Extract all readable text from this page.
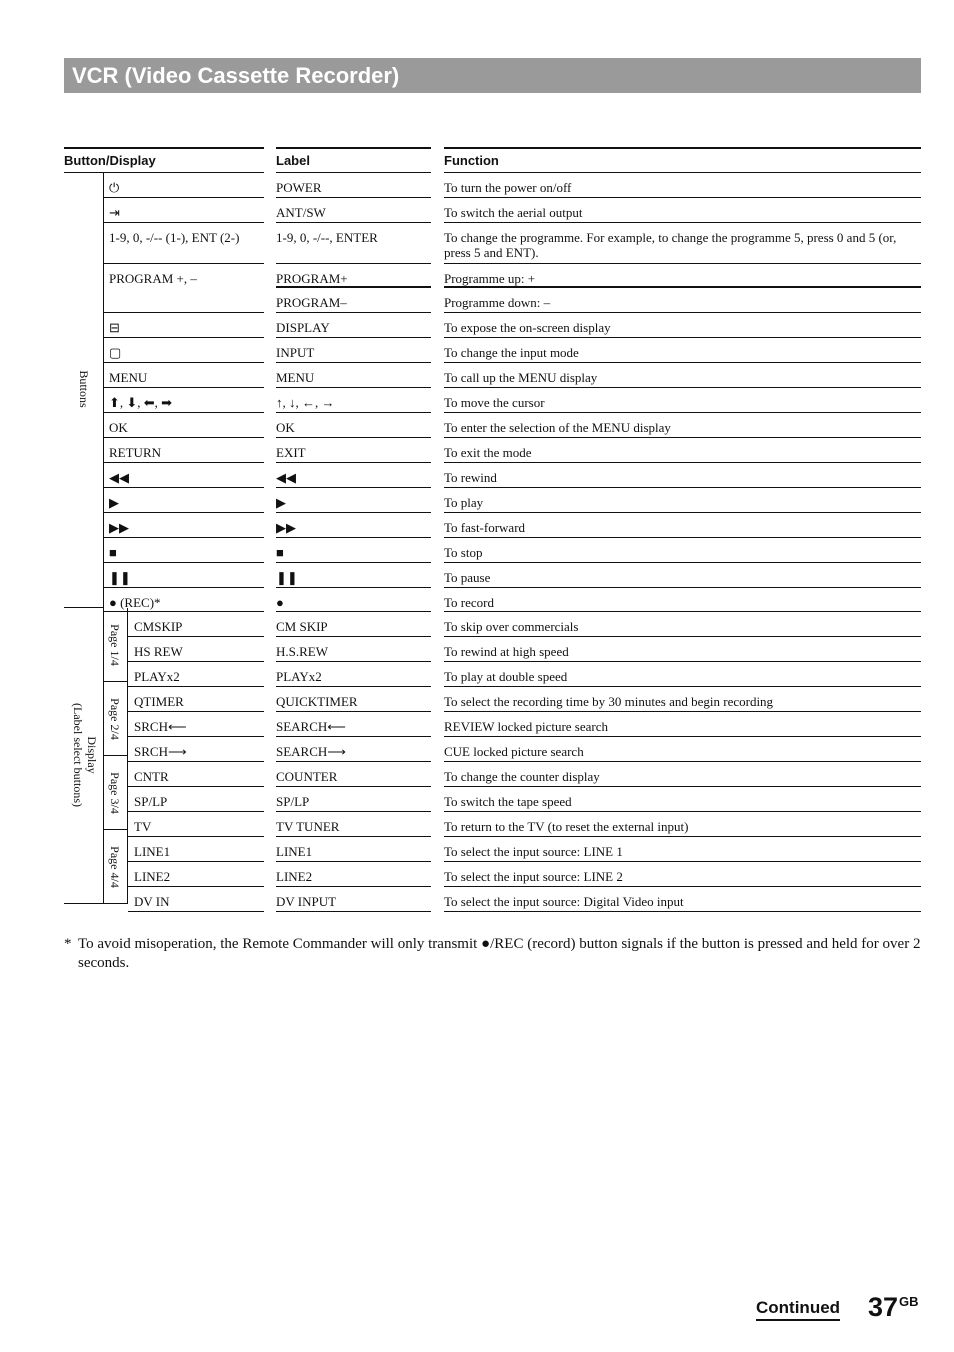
VCR (Video Cassette Recorder)
Button/Display	Label	Function
Buttons
Display
(Label select buttons)
Page 1/4
Page 2/4
Page 3/4
Page 4/4
⏻	POWER	To turn the power on/off
⇥	ANT/SW	To switch the aerial output
1-9, 0, -/-- (1-), ENT (2-)	1-9, 0, -/--, ENTER	To change the programme. For example, to change the programme 5, press 0 and 5 (or, press 5 and ENT).
PROGRAM +, –	PROGRAM+	Programme up: +
PROGRAM–	Programme down: –
⊟	DISPLAY	To expose the on-screen display
▢	INPUT	To change the input mode
MENU	MENU	To call up the MENU display
⬆, ⬇, ⬅, ➡	↑, ↓, ←, →	To move the cursor
OK	OK	To enter the selection of the MENU display
RETURN	EXIT	To exit the mode
◀◀	◀◀	To rewind
▶	▶	To play
▶▶	▶▶	To fast-forward
■	■	To stop
❚❚	❚❚	To pause
● (REC)*	●	To record
CMSKIP	CM SKIP	To skip over commercials
HS REW	H.S.REW	To rewind at high speed
PLAYx2	PLAYx2	To play at double speed
QTIMER	QUICKTIMER	To select the recording time by 30 minutes and begin recording
SRCH⟵	SEARCH⟵	REVIEW locked picture search
SRCH⟶	SEARCH⟶	CUE locked picture search
CNTR	COUNTER	To change the counter display
SP/LP	SP/LP	To switch the tape speed
TV	TV TUNER	To return to the TV (to reset the external input)
LINE1	LINE1	To select the input source: LINE 1
LINE2	LINE2	To select the input source: LINE 2
DV IN	DV INPUT	To select the input source: Digital Video input
* To avoid misoperation, the Remote Commander will only transmit ●/REC (record) button signals if the button is pressed and held for over 2 seconds.
Continued $37^{GB}$
